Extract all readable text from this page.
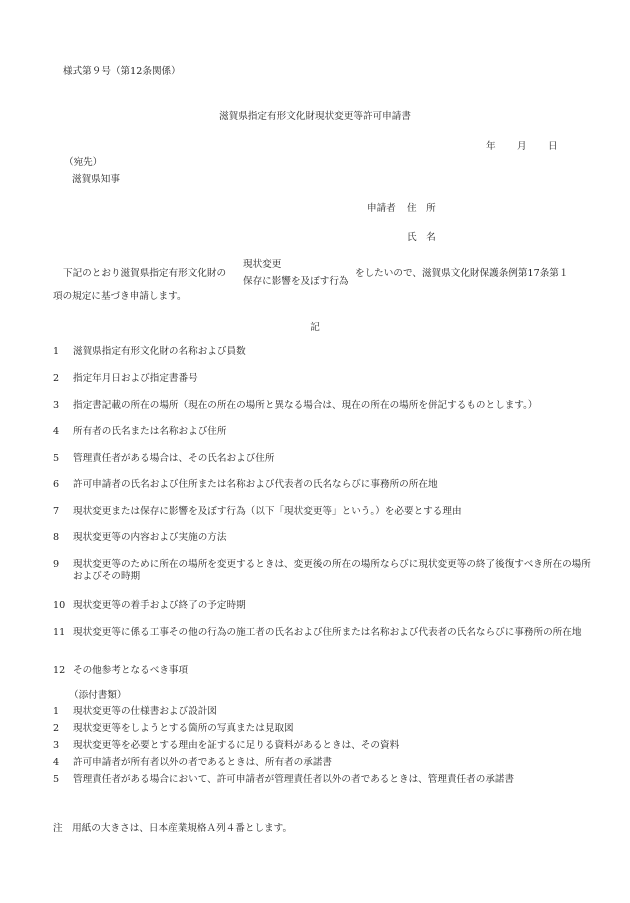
様式第９号（第12条関係）
滋賀県指定有形文化財現状変更等許可申請書
年 月 日
（宛先）
滋賀県知事
申請者 住　所
氏　名
下記のとおり滋賀県指定有形文化財の
現状変更
保存に影響を及ぼす行為
をしたいので、滋賀県文化財保護条例第17条第１
項の規定に基づき申請します。
記
1	滋賀県指定有形文化財の名称および員数
2	指定年月日および指定書番号
3	指定書記載の所在の場所（現在の所在の場所と異なる場合は、現在の所在の場所を併記するものとします。）
4	所有者の氏名または名称および住所
5	管理責任者がある場合は、その氏名および住所
6	許可申請者の氏名および住所または名称および代表者の氏名ならびに事務所の所在地
7	現状変更または保存に影響を及ぼす行為（以下「現状変更等」という。）を必要とする理由
8	現状変更等の内容および実施の方法
9	現状変更等のために所在の場所を変更するときは、変更後の所在の場所ならびに現状変更等の終了後復すべき所在の場所およびその時期
10 現状変更等の着手および終了の予定時期
11 現状変更等に係る工事その他の行為の施工者の氏名および住所または名称および代表者の氏名ならびに事務所の所在地
12 その他参考となるべき事項
（添付書類）
1 現状変更等の仕様書および設計図
2 現状変更等をしようとする箇所の写真または見取図
3 現状変更等を必要とする理由を証するに足りる資料があるときは、その資料
4 許可申請者が所有者以外の者であるときは、所有者の承諾書
5 管理責任者がある場合において、許可申請者が管理責任者以外の者であるときは、管理責任者の承諾書
注　用紙の大きさは、日本産業規格Ａ列４番とします。
